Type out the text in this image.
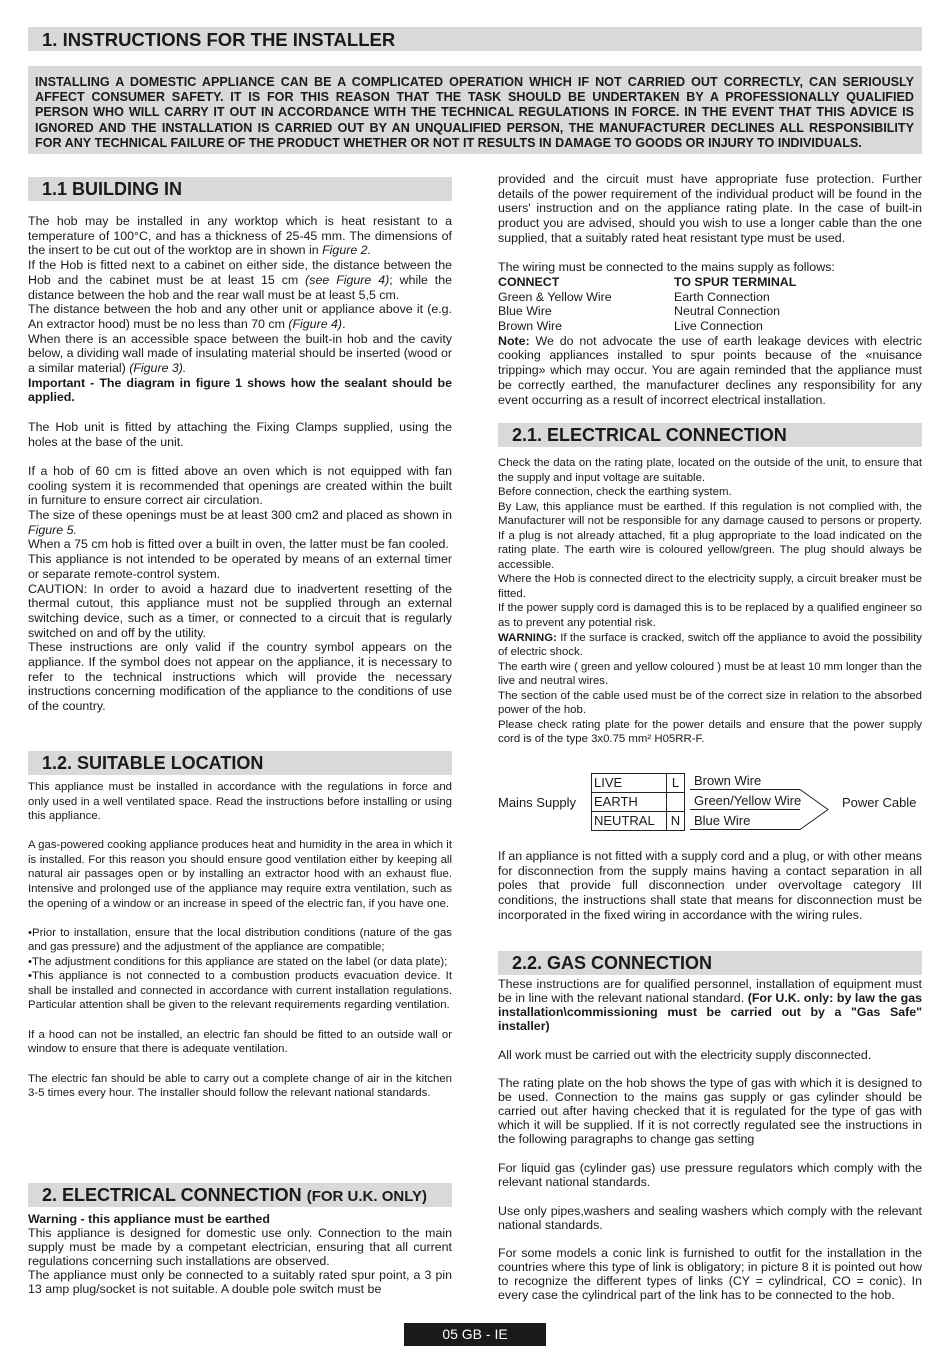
1. INSTRUCTIONS FOR THE INSTALLER
INSTALLING A DOMESTIC APPLIANCE CAN BE A COMPLICATED OPERATION WHICH IF NOT CARRIED OUT CORRECTLY, CAN SERIOUSLY AFFECT CONSUMER SAFETY. IT IS FOR THIS REASON THAT THE TASK SHOULD BE UNDERTAKEN BY A PROFESSIONALLY QUALIFIED PERSON WHO WILL CARRY IT OUT IN ACCORDANCE WITH THE TECHNICAL REGULATIONS IN FORCE. IN THE EVENT THAT THIS ADVICE IS IGNORED AND THE INSTALLATION IS CARRIED OUT BY AN UNQUALIFIED PERSON, THE MANUFACTURER DECLINES ALL RESPONSIBILITY FOR ANY TECHNICAL FAILURE OF THE PRODUCT WHETHER OR NOT IT RESULTS IN DAMAGE TO GOODS OR INJURY TO INDIVIDUALS.
1.1 BUILDING IN

The hob may be installed in any worktop which is heat resistant to a temperature of 100°C, and has a thickness of 25-45 mm. The dimensions of the insert to be cut out of the worktop are in shown in Figure 2.

If the Hob is fitted next to a cabinet on either side, the distance between the Hob and the cabinet must be at least 15 cm (see Figure 4); while the distance between the hob and the rear wall must be at least 5,5 cm.

The distance between the hob and any other unit or appliance above it (e.g. An extractor hood) must be no less than 70 cm (Figure 4).

When there is an accessible space between the built-in hob and the cavity below, a dividing wall made of insulating material should be inserted (wood or a similar material) (Figure 3).

Important - The diagram in figure 1 shows how the sealant should be applied.

The Hob unit is fitted by attaching the Fixing Clamps supplied, using the holes at the base of the unit.

If a hob of 60 cm is fitted above an oven which is not equipped with fan cooling system it is recommended that openings are created within the built in furniture to ensure correct air circulation.

The size of these openings must be at least 300 cm2 and placed as shown in Figure 5.

When a 75 cm hob is fitted over a built in oven, the latter must be fan cooled.

This appliance is not intended to be operated by means of an external timer or separate remote-control system.

CAUTION: In order to avoid a hazard due to inadvertent resetting of the thermal cutout, this appliance must not be supplied through an external switching device, such as a timer, or connected to a circuit that is regularly switched on and off by the utility.

These instructions are only valid if the country symbol appears on the appliance. If the symbol does not appear on the appliance, it is necessary to refer to the technical instructions which will provide the necessary instructions concerning modification of the appliance to the conditions of use of the country.

1.2. SUITABLE LOCATION

This appliance must be installed in accordance with the regulations in force and only used in a well ventilated space. Read the instructions before installing or using this appliance.

A gas-powered cooking appliance produces heat and humidity in the area in which it is installed. For this reason you should ensure good ventilation either by keeping all natural air passages open or by installing an extractor hood with an exhaust flue. Intensive and prolonged use of the appliance may require extra ventilation, such as the opening of a window or an increase in speed of the electric fan, if you have one.

•Prior to installation, ensure that the local distribution conditions (nature of the gas and gas pressure) and the adjustment of the appliance are compatible;

•The adjustment conditions for this appliance are stated on the label (or data plate);

•This appliance is not connected to a combustion products evacuation device. It shall be installed and connected in accordance with current installation regulations. Particular attention shall be given to the relevant requirements regarding ventilation.

If a hood can not be installed, an electric fan should be fitted to an outside wall or window to ensure that there is adequate ventilation.

The electric fan should be able to carry out a complete change of air in the kitchen 3-5 times every hour. The installer should follow the relevant national standards.

2. ELECTRICAL CONNECTION (FOR U.K. ONLY)

Warning - this appliance must be earthed

This appliance is designed for domestic use only. Connection to the main supply must be made by a competant electrician, ensuring that all current regulations concerning such installations are observed.

The appliance must only be connected to a suitably rated spur point, a 3 pin 13 amp plug/socket is not suitable. A double pole switch must be

provided and the circuit must have appropriate fuse protection. Further details of the power requirement of the individual product will be found in the users' instruction and on the appliance rating plate. In the case of built-in product you are advised, should you wish to use a longer cable than the one supplied, that a suitably rated heat resistant type must be used.

The wiring must be connected to the mains supply as follows:

CONNECT	TO SPUR TERMINAL
Green & Yellow Wire	Earth Connection
Blue Wire	Neutral Connection
Brown Wire	Live Connection

Note: We do not advocate the use of earth leakage devices with electric cooking appliances installed to spur points because of the «nuisance tripping» which may occur. You are again reminded that the appliance must be correctly earthed, the manufacturer declines any responsibility for any event occurring as a result of incorrect electrical installation.

2.1. ELECTRICAL CONNECTION

Check the data on the rating plate, located on the outside of the unit, to ensure that the supply and input voltage are suitable.

Before connection, check the earthing system.

By Law, this appliance must be earthed. If this regulation is not complied with, the Manufacturer will not be responsible for any damage caused to persons or property. If a plug is not already attached, fit a plug appropriate to the load indicated on the rating plate. The earth wire is coloured yellow/green. The plug should always be accessible.

Where the Hob is connected direct to the electricity supply, a circuit breaker must be fitted.

If the power supply cord is damaged this is to be replaced by a qualified engineer so as to prevent any potential risk.

WARNING: If the surface is cracked, switch off the appliance to avoid the possibility of electric shock.

The earth wire ( green and yellow coloured ) must be at least 10 mm longer than the live and neutral wires.

The section of the cable used must be of the correct size in relation to the absorbed power of the hob.

Please check rating plate for the power details and ensure that the power supply cord is of the type 3x0.75 mm² H05RR-F.

Mains Supply
LIVE	L
EARTH	
NEUTRAL	N
Brown Wire
Green/Yellow Wire
Blue Wire
Power Cable

If an appliance is not fitted with a supply cord and a plug, or with other means for disconnection from the supply mains having a contact separation in all poles that provide full disconnection under overvoltage category III conditions, the instructions shall state that means for disconnection must be incorporated in the fixed wiring in accordance with the wiring rules.

2.2. GAS CONNECTION

These instructions are for qualified personnel, installation of equipment must be in line with the relevant national standard. (For U.K. only: by law the gas installation\commissioning must be carried out by a "Gas Safe" installer)

All work must be carried out with the electricity supply disconnected.

The rating plate on the hob shows the type of gas with which it is designed to be used. Connection to the mains gas supply or gas cylinder should be carried out after having checked that it is regulated for the type of gas with which it will be supplied. If it is not correctly regulated see the instructions in the following paragraphs to change gas setting

For liquid gas (cylinder gas) use pressure regulators which comply with the relevant national standards.

Use only pipes,washers and sealing washers which comply with the relevant national standards.

For some models a conic link is furnished to outfit for the installation in the countries where this type of link is obligatory; in picture 8 it is pointed out how to recognize the different types of links (CY = cylindrical, CO = conic). In every case the cylindrical part of the link has to be connected to the hob.

05 GB - IE
